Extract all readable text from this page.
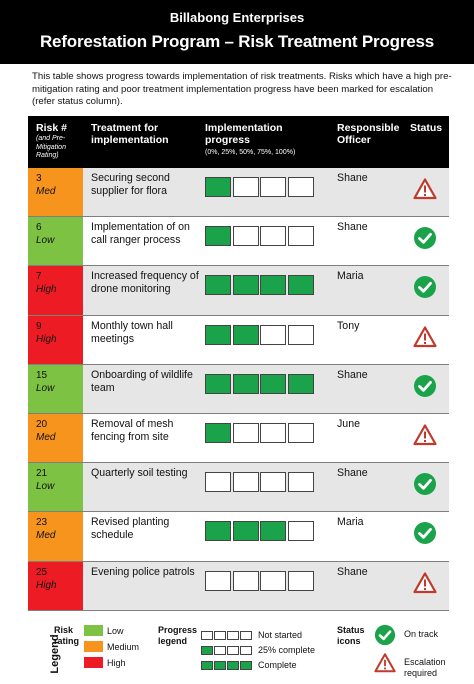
Billabong Enterprises
Reforestation Program – Risk Treatment Progress
This table shows progress towards implementation of risk treatments. Risks which have a high pre-mitigation rating and poor treatment implementation progress have been marked for escalation (refer status column).
Risk #
(and Pre-Mitigation Rating)
Treatment for implementation
Implementation progress
(0%, 25%, 50%, 75%, 100%)
Responsible Officer
Status
3
Med
Securing second supplier for flora
Shane
6
Low
Implementation of on call ranger process
Shane
7
High
Increased frequency of drone monitoring
Maria
9
High
Monthly town hall meetings
Tony
15
Low
Onboarding of wildlife team
Shane
20
Med
Removal of mesh fencing from site
June
21
Low
Quarterly soil testing	Shane
23
Med
Revised planting schedule
Maria
25
High
Evening police patrols	Shane
Legend
Risk rating
Low
Medium
High
Progress legend
Not started
25% complete
Complete
Status icons
On track
Escalation required
